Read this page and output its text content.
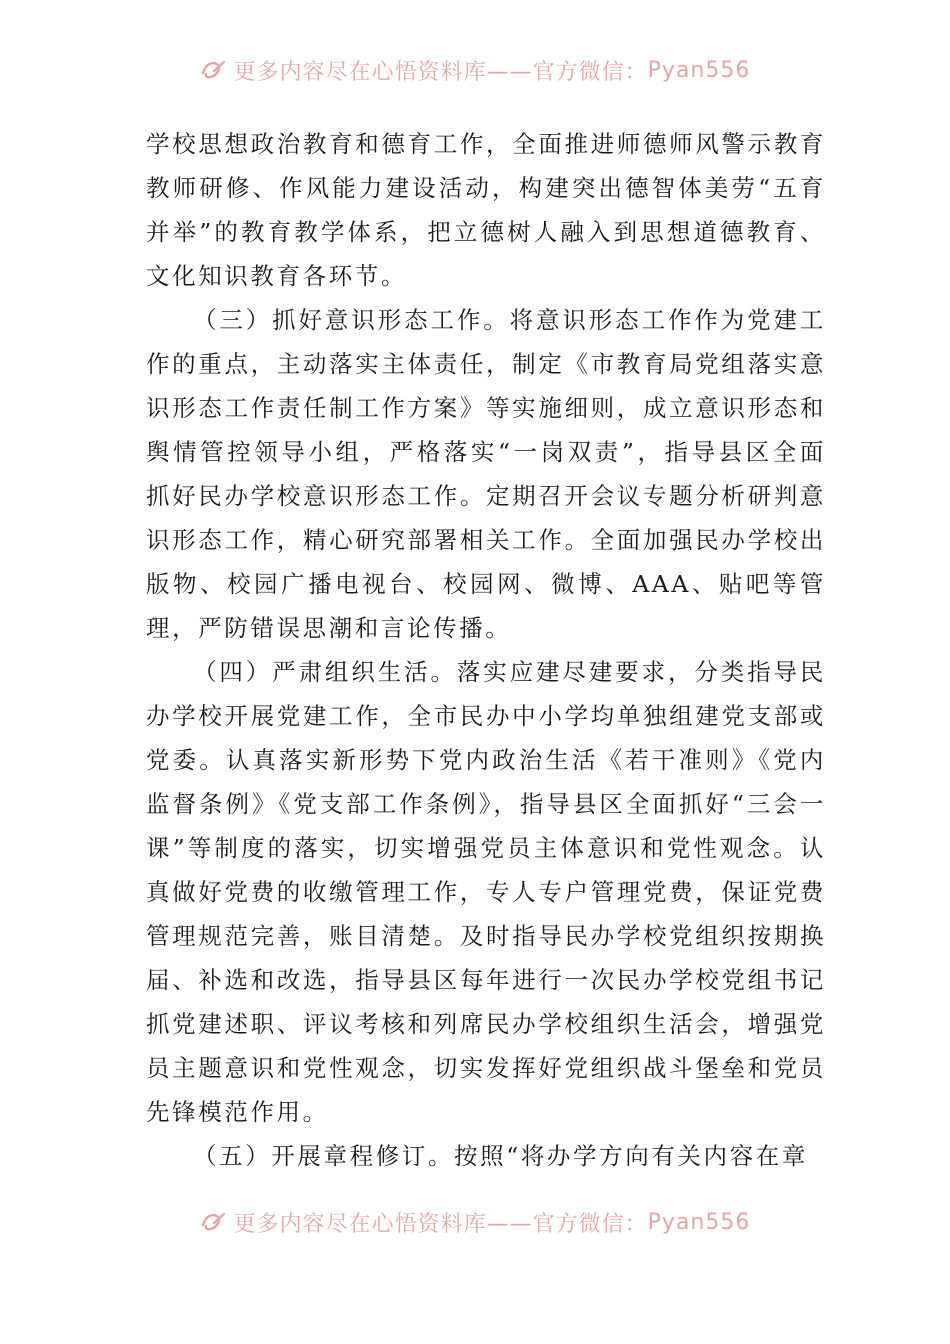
更多内容尽在心悟资料库——官方微信： Pyan556

学校思想政治教育和德育工作，全面推进师德师风警示教育教师研修、作风能力建设活动，构建突出德智体美劳“五育并举”的教育教学体系，把立德树人融入到思想道德教育、文化知识教育各环节。

（三）抓好意识形态工作。将意识形态工作作为党建工作的重点，主动落实主体责任，制定《市教育局党组落实意识形态工作责任制工作方案》等实施细则，成立意识形态和舆情管控领导小组，严格落实“一岗双责”，指导县区全面抓好民办学校意识形态工作。定期召开会议专题分析研判意识形态工作，精心研究部署相关工作。全面加强民办学校出版物、校园广播电视台、校园网、微博、AAA、贴吧等管理，严防错误思潮和言论传播。

（四）严肃组织生活。落实应建尽建要求，分类指导民办学校开展党建工作，全市民办中小学均单独组建党支部或党委。认真落实新形势下党内政治生活《若干准则》《党内监督条例》《党支部工作条例》，指导县区全面抓好“三会一课”等制度的落实，切实增强党员主体意识和党性观念。认真做好党费的收缴管理工作，专人专户管理党费，保证党费管理规范完善，账目清楚。及时指导民办学校党组织按期换届、补选和改选，指导县区每年进行一次民办学校党组书记抓党建述职、评议考核和列席民办学校组织生活会，增强党员主题意识和党性观念，切实发挥好党组织战斗堡垒和党员先锋模范作用。

（五）开展章程修订。按照“将办学方向有关内容在章

更多内容尽在心悟资料库——官方微信： Pyan556
